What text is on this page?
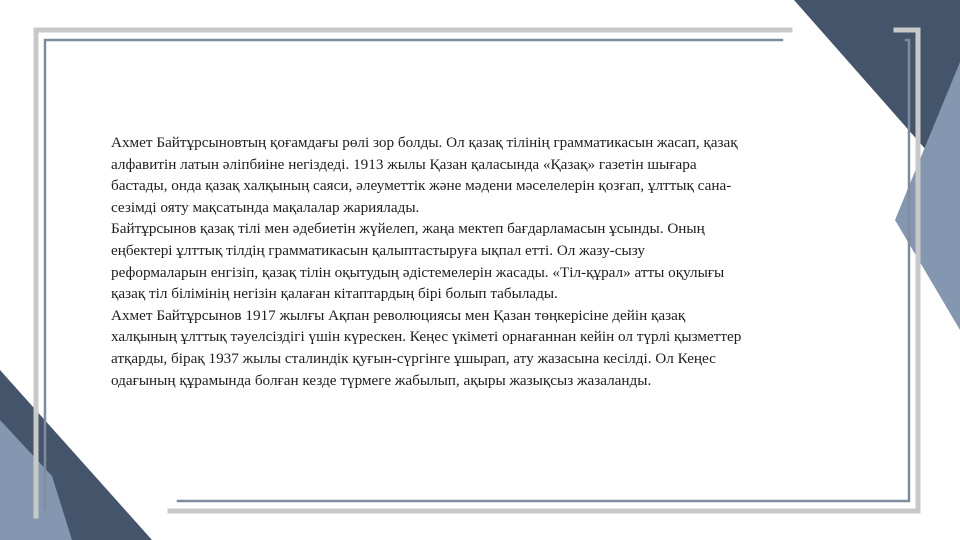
Ахмет Байтұрсыновтың қоғамдағы рөлі зор болды. Ол қазақ тілінің грамматикасын жасап, қазақ
алфавитін латын әліпбиіне негіздеді. 1913 жылы Қазан қаласында «Қазақ» газетін шығара
бастады, онда қазақ халқының саяси, әлеуметтік және мәдени мәселелерін қозғап, ұлттық сана-
сезімді ояту мақсатында мақалалар жариялады.

Байтұрсынов қазақ тілі мен әдебиетін жүйелеп, жаңа мектеп бағдарламасын ұсынды. Оның
еңбектері ұлттық тілдің грамматикасын қалыптастыруға ықпал етті. Ол жазу-сызу
реформаларын енгізіп, қазақ тілін оқытудың әдістемелерін жасады. «Тіл-құрал» атты оқулығы
қазақ тіл білімінің негізін қалаған кітаптардың бірі болып табылады.

Ахмет Байтұрсынов 1917 жылғы Ақпан революциясы мен Қазан төңкерісіне дейін қазақ
халқының ұлттық тәуелсіздігі үшін күрескен. Кеңес үкіметі орнағаннан кейін ол түрлі қызметтер
атқарды, бірақ 1937 жылы сталиндік қуғын-сүргінге ұшырап, ату жазасына кесілді. Ол Кеңес
одағының құрамында болған кезде түрмеге жабылып, ақыры жазықсыз жазаланды.
